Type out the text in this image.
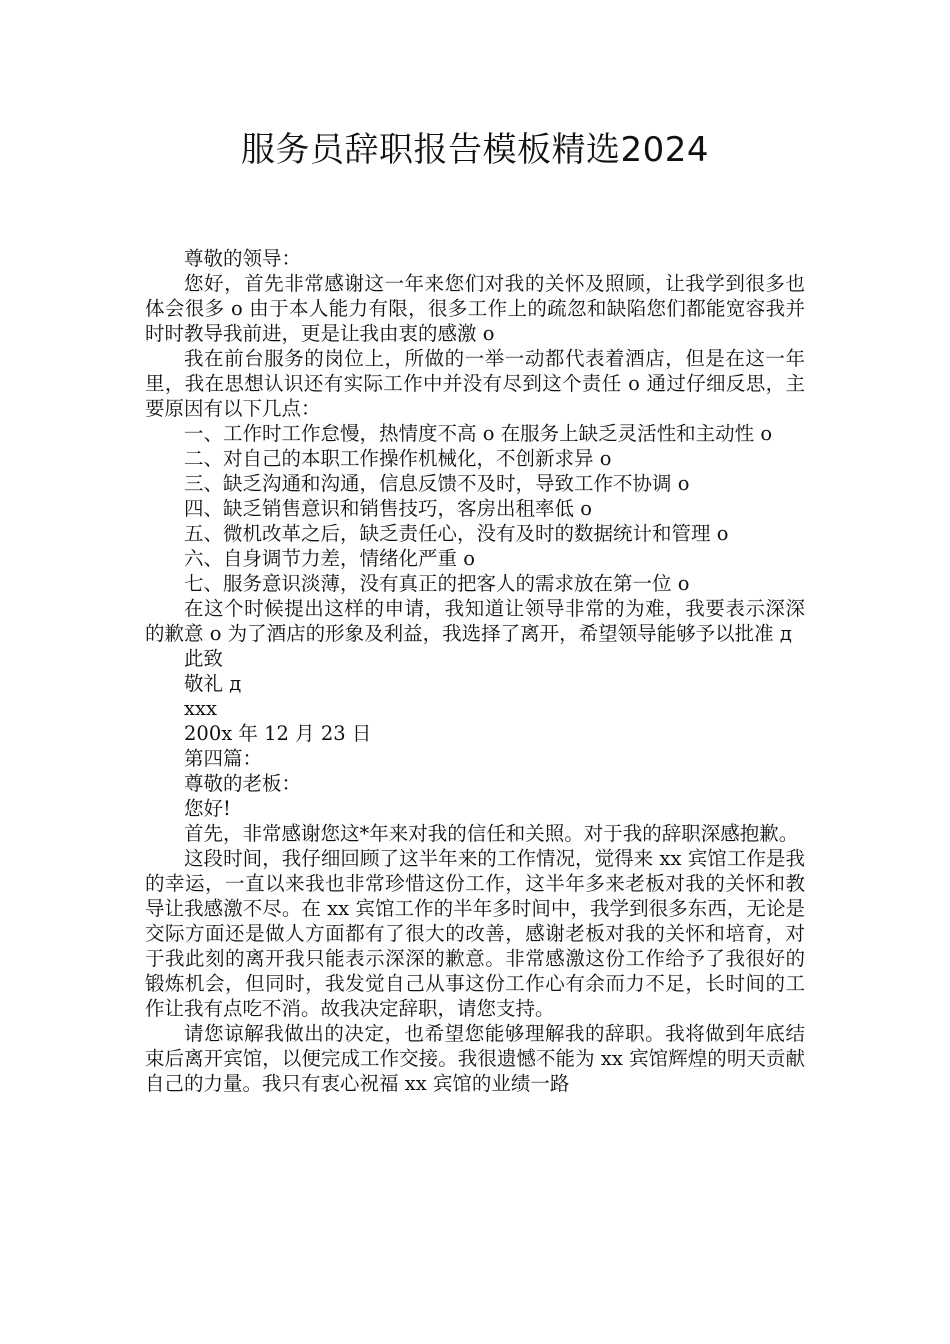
服务员辞职报告模板精选2024

尊敬的领导：

您好，首先非常感谢这一年来您们对我的关怀及照顾，让我学到很多也体会很多 o 由于本人能力有限，很多工作上的疏忽和缺陷您们都能宽容我并时时教导我前进，更是让我由衷的感激 o

我在前台服务的岗位上，所做的一举一动都代表着酒店，但是在这一年里，我在思想认识还有实际工作中并没有尽到这个责任 o 通过仔细反思，主要原因有以下几点：

一、工作时工作怠慢，热情度不高 o 在服务上缺乏灵活性和主动性 o

二、对自己的本职工作操作机械化，不创新求异 o

三、缺乏沟通和沟通，信息反馈不及时，导致工作不协调 o

四、缺乏销售意识和销售技巧，客房出租率低 o

五、微机改革之后，缺乏责任心，没有及时的数据统计和管理 o

六、自身调节力差，情绪化严重 o

七、服务意识淡薄，没有真正的把客人的需求放在第一位 o

在这个时候提出这样的申请，我知道让领导非常的为难，我要表示深深的歉意 o 为了酒店的形象及利益，我选择了离开，希望领导能够予以批准 д

此致

敬礼 д

xxx

200x 年 12 月 23 日

第四篇：

尊敬的老板：

您好!

首先，非常感谢您这*年来对我的信任和关照。对于我的辞职深感抱歉。

这段时间，我仔细回顾了这半年来的工作情况，觉得来 xx 宾馆工作是我的幸运，一直以来我也非常珍惜这份工作，这半年多来老板对我的关怀和教导让我感激不尽。在 xx 宾馆工作的半年多时间中，我学到很多东西，无论是交际方面还是做人方面都有了很大的改善，感谢老板对我的关怀和培育，对于我此刻的离开我只能表示深深的歉意。非常感激这份工作给予了我很好的锻炼机会，但同时，我发觉自己从事这份工作心有余而力不足，长时间的工作让我有点吃不消。故我决定辞职，请您支持。

请您谅解我做出的决定，也希望您能够理解我的辞职。我将做到年底结束后离开宾馆，以便完成工作交接。我很遗憾不能为 xx 宾馆辉煌的明天贡献自己的力量。我只有衷心祝福 xx 宾馆的业绩一路
